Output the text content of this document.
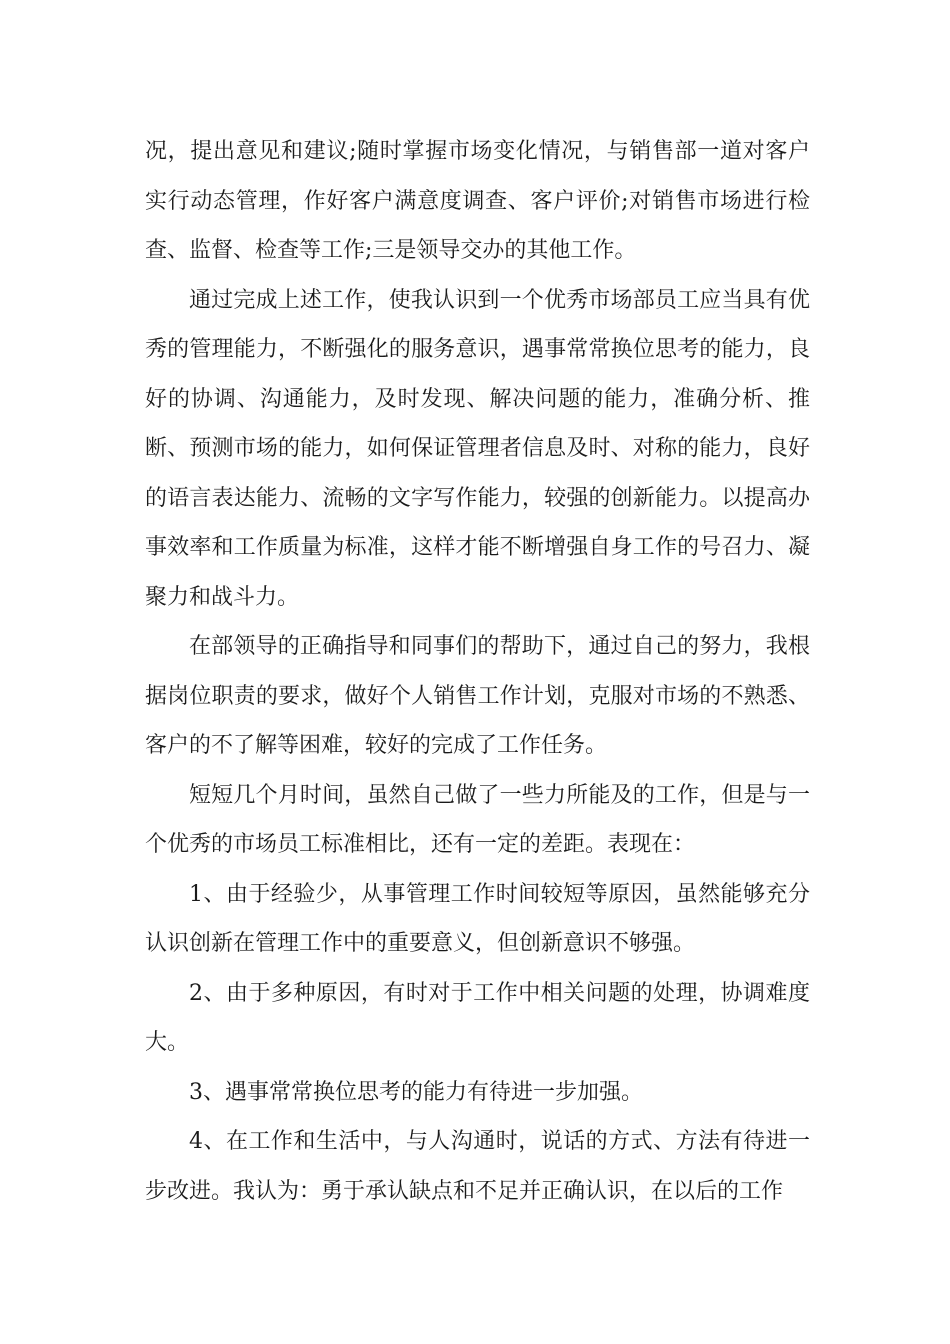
况，提出意见和建议;随时掌握市场变化情况，与销售部一道对客户实行动态管理，作好客户满意度调查、客户评价;对销售市场进行检查、监督、检查等工作;三是领导交办的其他工作。

通过完成上述工作，使我认识到一个优秀市场部员工应当具有优秀的管理能力，不断强化的服务意识，遇事常常换位思考的能力，良好的协调、沟通能力，及时发现、解决问题的能力，准确分析、推断、预测市场的能力，如何保证管理者信息及时、对称的能力，良好的语言表达能力、流畅的文字写作能力，较强的创新能力。以提高办事效率和工作质量为标准，这样才能不断增强自身工作的号召力、凝聚力和战斗力。

在部领导的正确指导和同事们的帮助下，通过自己的努力，我根据岗位职责的要求，做好个人销售工作计划，克服对市场的不熟悉、客户的不了解等困难，较好的完成了工作任务。

短短几个月时间，虽然自己做了一些力所能及的工作，但是与一个优秀的市场员工标准相比，还有一定的差距。表现在：

1、由于经验少，从事管理工作时间较短等原因，虽然能够充分认识创新在管理工作中的重要意义，但创新意识不够强。

2、由于多种原因，有时对于工作中相关问题的处理，协调难度大。

3、遇事常常换位思考的能力有待进一步加强。

4、在工作和生活中，与人沟通时，说话的方式、方法有待进一步改进。我认为：勇于承认缺点和不足并正确认识，在以后的工作
